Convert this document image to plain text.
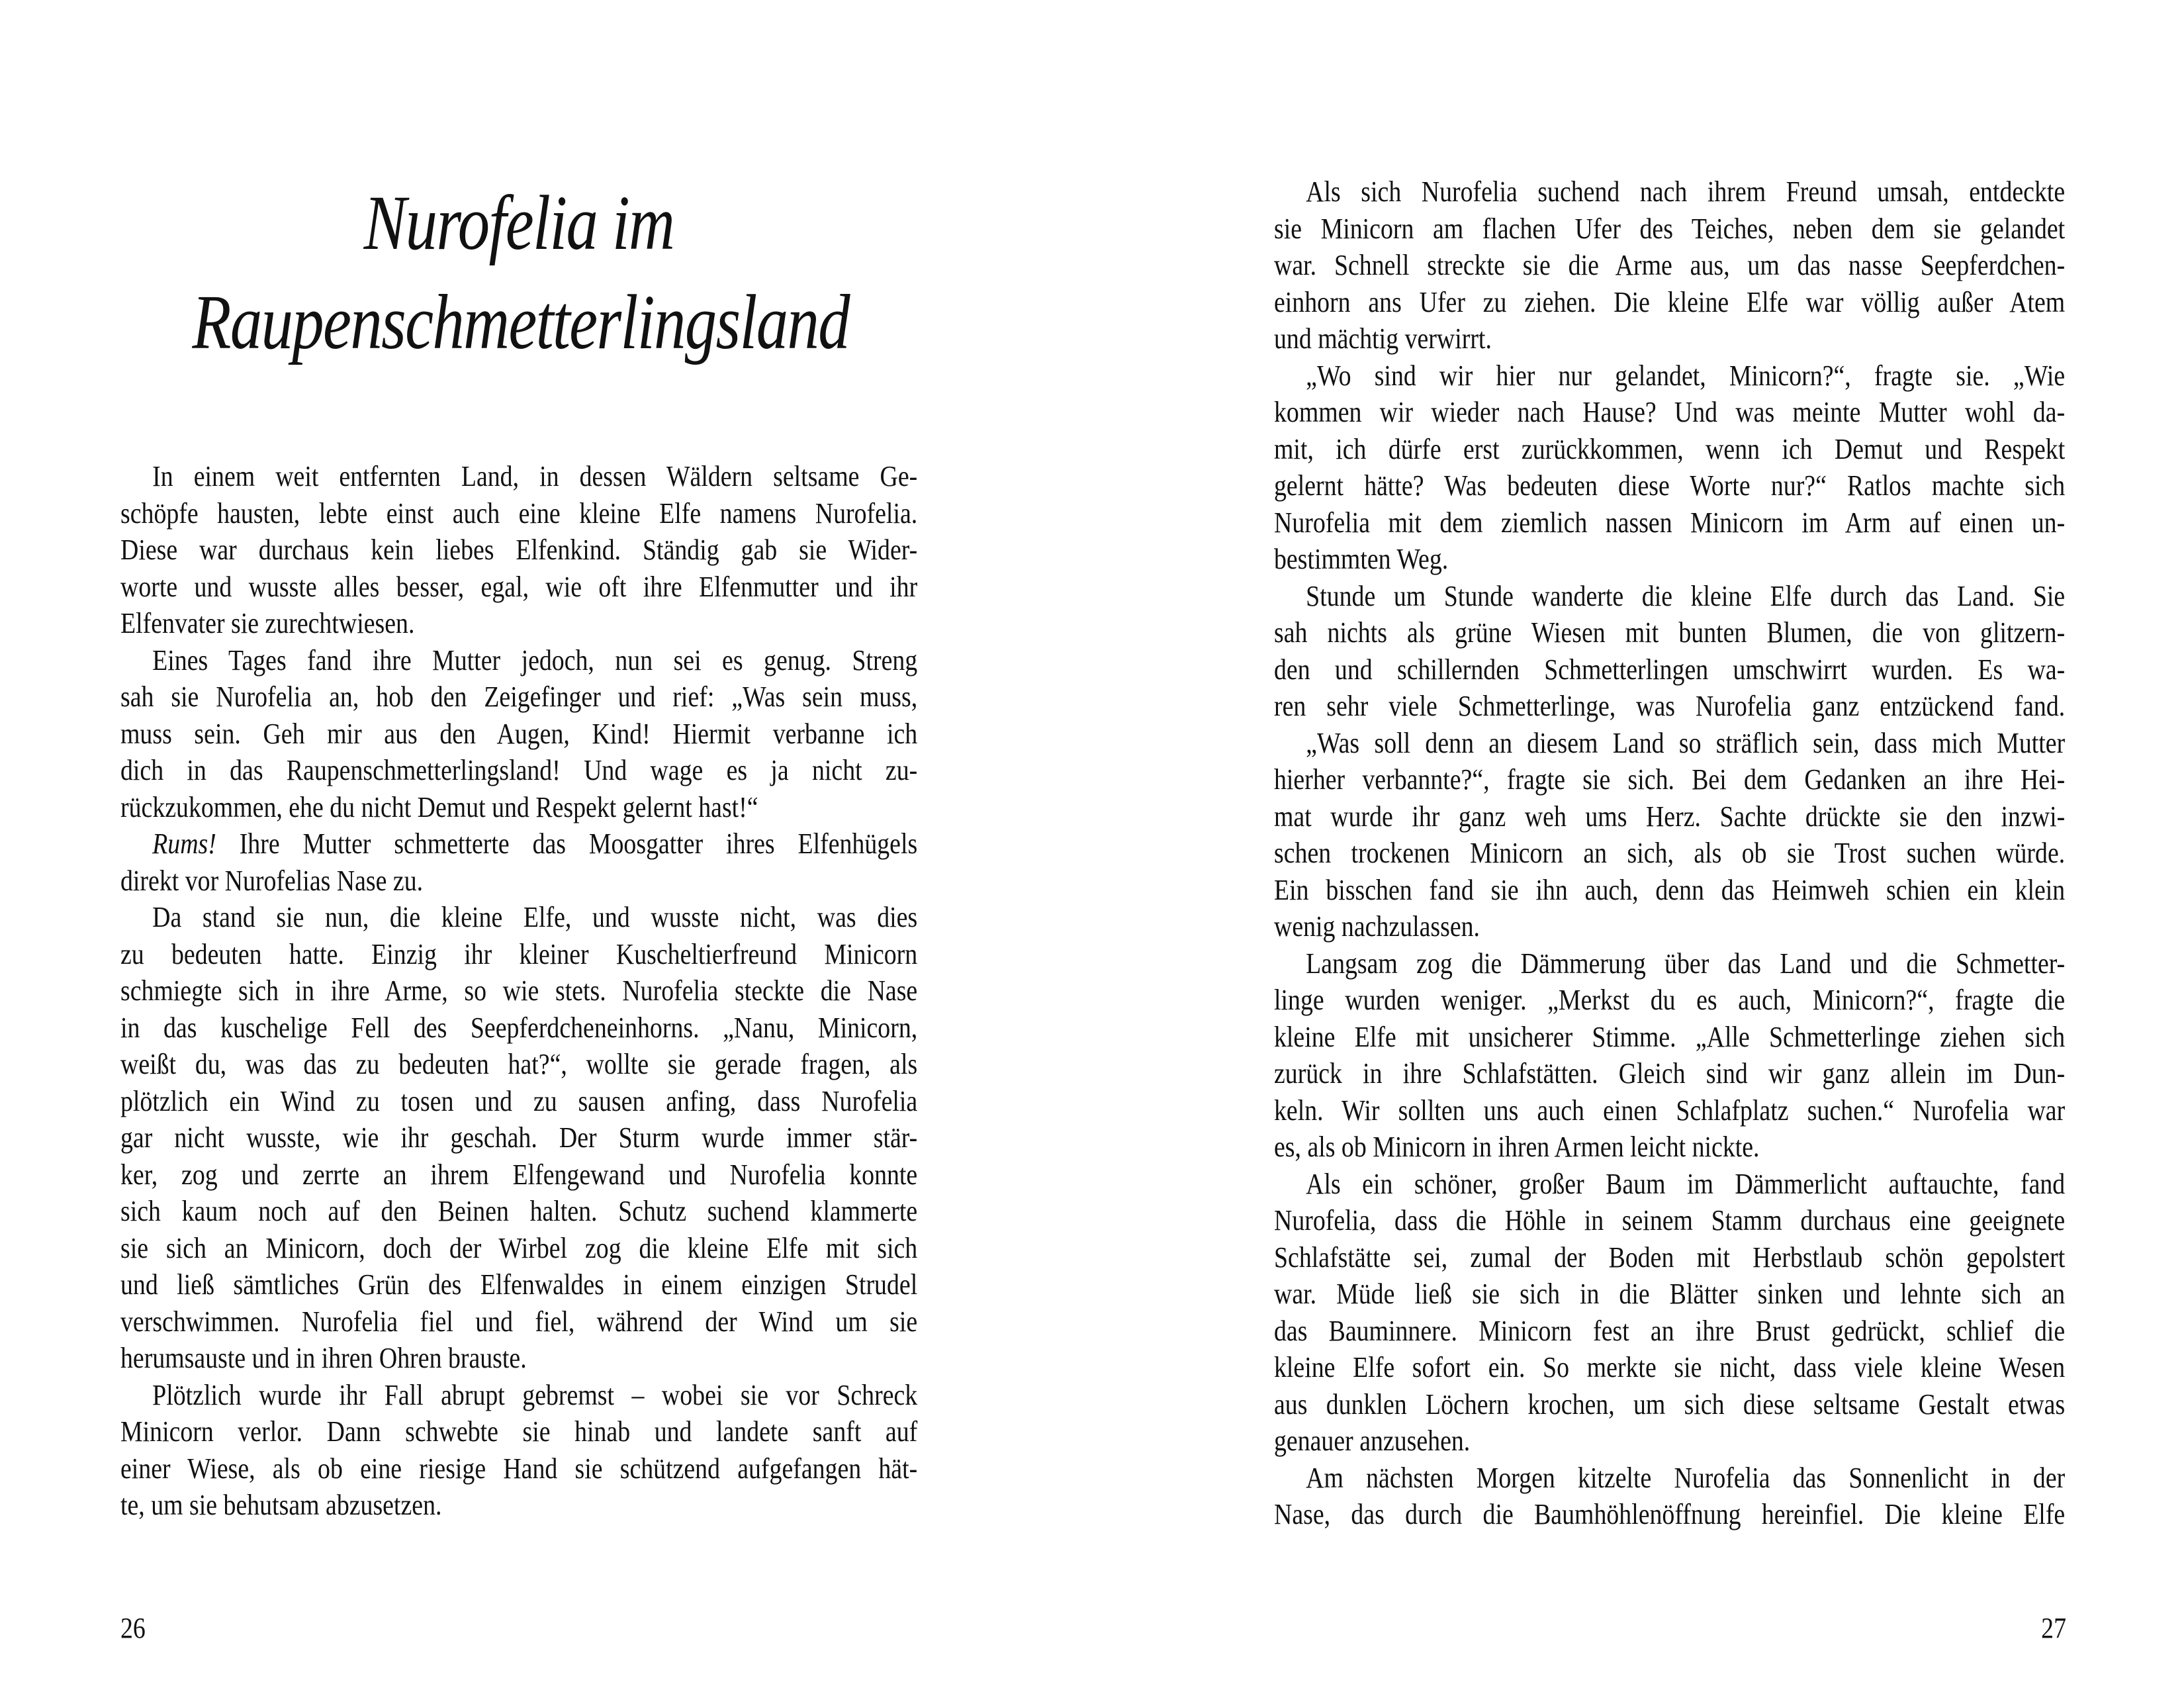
Nurofelia im
Raupenschmetterlingsland
In einem weit entfernten Land, in dessen Wäldern seltsame Ge-
schöpfe hausten, lebte einst auch eine kleine Elfe namens Nurofelia.
Diese war durchaus kein liebes Elfenkind. Ständig gab sie Wider-
worte und wusste alles besser, egal, wie oft ihre Elfenmutter und ihr
Elfenvater sie zurechtwiesen.
Eines Tages fand ihre Mutter jedoch, nun sei es genug. Streng
sah sie Nurofelia an, hob den Zeigefinger und rief: „Was sein muss,
muss sein. Geh mir aus den Augen, Kind! Hiermit verbanne ich
dich in das Raupenschmetterlingsland! Und wage es ja nicht zu-
rückzukommen, ehe du nicht Demut und Respekt gelernt hast!“
Rums! Ihre Mutter schmetterte das Moosgatter ihres Elfenhügels
direkt vor Nurofelias Nase zu.
Da stand sie nun, die kleine Elfe, und wusste nicht, was dies
zu bedeuten hatte. Einzig ihr kleiner Kuscheltierfreund Minicorn
schmiegte sich in ihre Arme, so wie stets. Nurofelia steckte die Nase
in das kuschelige Fell des Seepferdcheneinhorns. „Nanu, Minicorn,
weißt du, was das zu bedeuten hat?“, wollte sie gerade fragen, als
plötzlich ein Wind zu tosen und zu sausen anfing, dass Nurofelia
gar nicht wusste, wie ihr geschah. Der Sturm wurde immer stär-
ker, zog und zerrte an ihrem Elfengewand und Nurofelia konnte
sich kaum noch auf den Beinen halten. Schutz suchend klammerte
sie sich an Minicorn, doch der Wirbel zog die kleine Elfe mit sich
und ließ sämtliches Grün des Elfenwaldes in einem einzigen Strudel
verschwimmen. Nurofelia fiel und fiel, während der Wind um sie
herumsauste und in ihren Ohren brauste.
Plötzlich wurde ihr Fall abrupt gebremst – wobei sie vor Schreck
Minicorn verlor. Dann schwebte sie hinab und landete sanft auf
einer Wiese, als ob eine riesige Hand sie schützend aufgefangen hät-
te, um sie behutsam abzusetzen.
26
Als sich Nurofelia suchend nach ihrem Freund umsah, entdeckte
sie Minicorn am flachen Ufer des Teiches, neben dem sie gelandet
war. Schnell streckte sie die Arme aus, um das nasse Seepferdchen-
einhorn ans Ufer zu ziehen. Die kleine Elfe war völlig außer Atem
und mächtig verwirrt.
„Wo sind wir hier nur gelandet, Minicorn?“, fragte sie. „Wie
kommen wir wieder nach Hause? Und was meinte Mutter wohl da-
mit, ich dürfe erst zurückkommen, wenn ich Demut und Respekt
gelernt hätte? Was bedeuten diese Worte nur?“ Ratlos machte sich
Nurofelia mit dem ziemlich nassen Minicorn im Arm auf einen un-
bestimmten Weg.
Stunde um Stunde wanderte die kleine Elfe durch das Land. Sie
sah nichts als grüne Wiesen mit bunten Blumen, die von glitzern-
den und schillernden Schmetterlingen umschwirrt wurden. Es wa-
ren sehr viele Schmetterlinge, was Nurofelia ganz entzückend fand.
„Was soll denn an diesem Land so sträflich sein, dass mich Mutter
hierher verbannte?“, fragte sie sich. Bei dem Gedanken an ihre Hei-
mat wurde ihr ganz weh ums Herz. Sachte drückte sie den inzwi-
schen trockenen Minicorn an sich, als ob sie Trost suchen würde.
Ein bisschen fand sie ihn auch, denn das Heimweh schien ein klein
wenig nachzulassen.
Langsam zog die Dämmerung über das Land und die Schmetter-
linge wurden weniger. „Merkst du es auch, Minicorn?“, fragte die
kleine Elfe mit unsicherer Stimme. „Alle Schmetterlinge ziehen sich
zurück in ihre Schlafstätten. Gleich sind wir ganz allein im Dun-
keln. Wir sollten uns auch einen Schlafplatz suchen.“ Nurofelia war
es, als ob Minicorn in ihren Armen leicht nickte.
Als ein schöner, großer Baum im Dämmerlicht auftauchte, fand
Nurofelia, dass die Höhle in seinem Stamm durchaus eine geeignete
Schlafstätte sei, zumal der Boden mit Herbstlaub schön gepolstert
war. Müde ließ sie sich in die Blätter sinken und lehnte sich an
das Bauminnere. Minicorn fest an ihre Brust gedrückt, schlief die
kleine Elfe sofort ein. So merkte sie nicht, dass viele kleine Wesen
aus dunklen Löchern krochen, um sich diese seltsame Gestalt etwas
genauer anzusehen.
Am nächsten Morgen kitzelte Nurofelia das Sonnenlicht in der
Nase, das durch die Baumhöhlenöffnung hereinfiel. Die kleine Elfe
27
